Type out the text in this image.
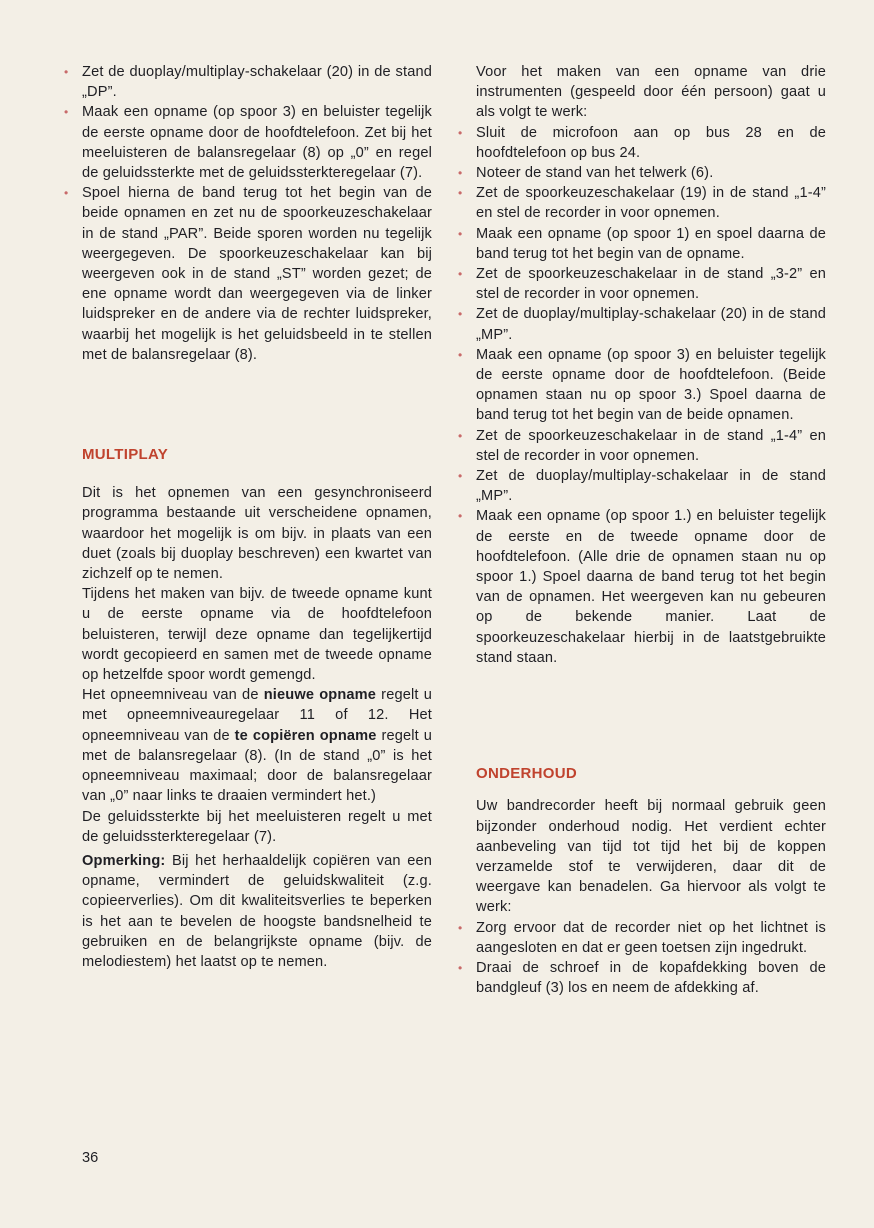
• Zet de duoplay/multiplay-schakelaar (20) in de stand „DP”.

• Maak een opname (op spoor 3) en beluister tegelijk de eerste opname door de hoofdtelefoon. Zet bij het meeluisteren de balansregelaar (8) op „0” en regel de geluidssterkte met de geluidssterkteregelaar (7).

• Spoel hierna de band terug tot het begin van de beide opnamen en zet nu de spoorkeuzeschakelaar in de stand „PAR”. Beide sporen worden nu tegelijk weergegeven. De spoorkeuzeschakelaar kan bij weergeven ook in de stand „ST” worden gezet; de ene opname wordt dan weergegeven via de linker luidspreker en de andere via de rechter luidspreker, waarbij het mogelijk is het geluidsbeeld in te stellen met de balansregelaar (8).

MULTIPLAY

Dit is het opnemen van een gesynchroniseerd programma bestaande uit verscheidene opnamen, waardoor het mogelijk is om bijv. in plaats van een duet (zoals bij duoplay beschreven) een kwartet van zichzelf op te nemen.

Tijdens het maken van bijv. de tweede opname kunt u de eerste opname via de hoofdtelefoon beluisteren, terwijl deze opname dan tegelijkertijd wordt gecopieerd en samen met de tweede opname op hetzelfde spoor wordt gemengd.

Het opneemniveau van de nieuwe opname regelt u met opneemniveauregelaar 11 of 12. Het opneemniveau van de te copiëren opname regelt u met de balansregelaar (8). (In de stand „0” is het opneemniveau maximaal; door de balansregelaar van „0” naar links te draaien vermindert het.)

De geluidssterkte bij het meeluisteren regelt u met de geluidssterkteregelaar (7).

Opmerking: Bij het herhaaldelijk copiëren van een opname, vermindert de geluidskwaliteit (z.g. copieerverlies). Om dit kwaliteitsverlies te beperken is het aan te bevelen de hoogste bandsnelheid te gebruiken en de belangrijkste opname (bijv. de melodiestem) het laatst op te nemen.

Voor het maken van een opname van drie instrumenten (gespeeld door één persoon) gaat u als volgt te werk:

• Sluit de microfoon aan op bus 28 en de hoofdtelefoon op bus 24.

• Noteer de stand van het telwerk (6).

• Zet de spoorkeuzeschakelaar (19) in de stand „1-4” en stel de recorder in voor opnemen.

• Maak een opname (op spoor 1) en spoel daarna de band terug tot het begin van de opname.

• Zet de spoorkeuzeschakelaar in de stand „3-2” en stel de recorder in voor opnemen.

• Zet de duoplay/multiplay-schakelaar (20) in de stand „MP”.

• Maak een opname (op spoor 3) en beluister tegelijk de eerste opname door de hoofdtelefoon. (Beide opnamen staan nu op spoor 3.) Spoel daarna de band terug tot het begin van de beide opnamen.

• Zet de spoorkeuzeschakelaar in de stand „1-4” en stel de recorder in voor opnemen.

• Zet de duoplay/multiplay-schakelaar in de stand „MP”.

• Maak een opname (op spoor 1.) en beluister tegelijk de eerste en de tweede opname door de hoofdtelefoon. (Alle drie de opnamen staan nu op spoor 1.) Spoel daarna de band terug tot het begin van de opnamen. Het weergeven kan nu gebeuren op de bekende manier. Laat de spoorkeuzeschakelaar hierbij in de laatstgebruikte stand staan.

ONDERHOUD

Uw bandrecorder heeft bij normaal gebruik geen bijzonder onderhoud nodig. Het verdient echter aanbeveling van tijd tot tijd het bij de koppen verzamelde stof te verwijderen, daar dit de weergave kan benadelen. Ga hiervoor als volgt te werk:

• Zorg ervoor dat de recorder niet op het lichtnet is aangesloten en dat er geen toetsen zijn ingedrukt.

• Draai de schroef in de kopafdekking boven de bandgleuf (3) los en neem de afdekking af.

36
